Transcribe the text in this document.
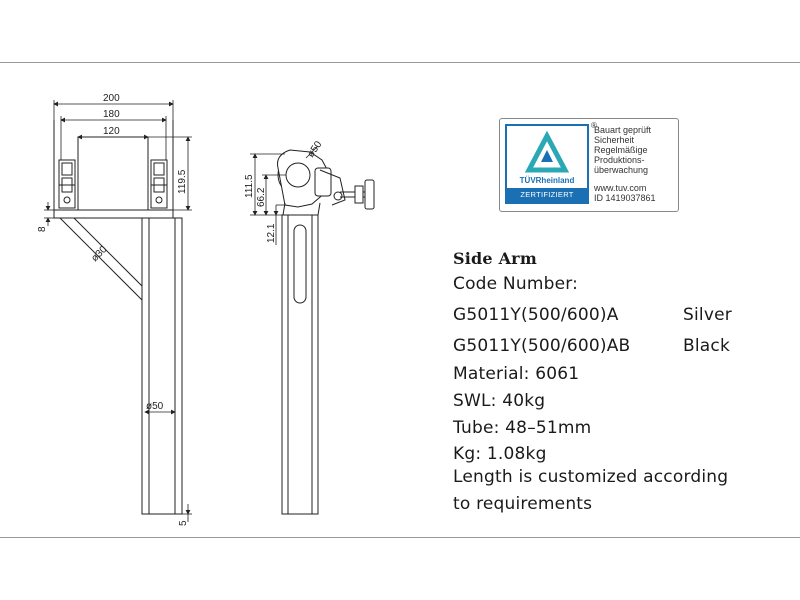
200
180
120
119.5
8
ø30
ø50
5
ø50
111.5 66.2
12.1
TÜVRheinland
ZERTIFIZIERT
®
Bauart geprüft
Sicherheit
Regelmäßige
Produktions-
überwachung
www.tuv.com
ID 1419037861
Side Arm
Code Number:
G5011Y(500/600)A	Silver
G5011Y(500/600)AB	Black
Material: 6061
SWL: 40kg
Tube: 48–51mm
Kg: 1.08kg
Length is customized according
to requirements
